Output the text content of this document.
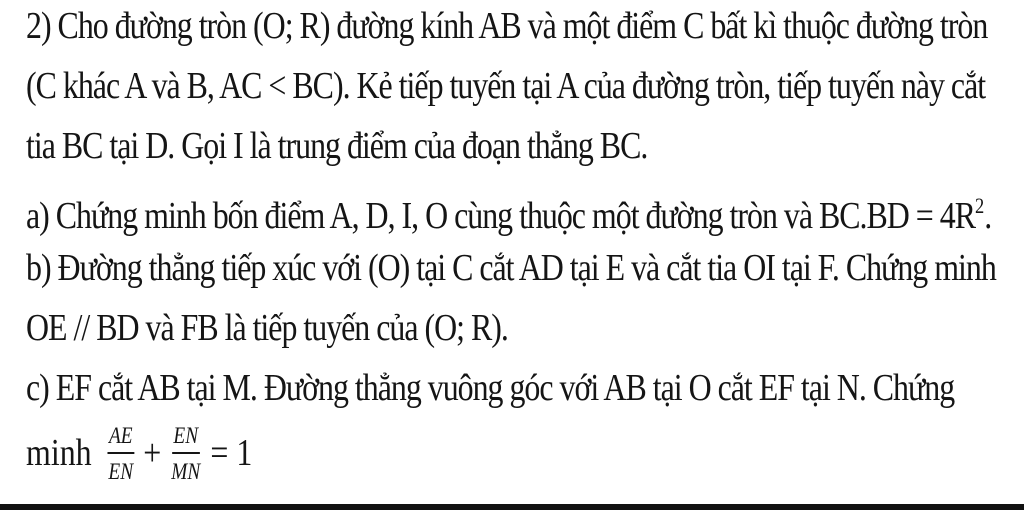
2) Cho đường tròn (O; R) đường kính AB và một điểm C bất kì thuộc đường tròn
(C khác A và B, AC < BC). Kẻ tiếp tuyến tại A của đường tròn, tiếp tuyến này cắt
tia BC tại D. Gọi I là trung điểm của đoạn thẳng BC.
a) Chứng minh bốn điểm A, D, I, O cùng thuộc một đường tròn và $BC.BD = 4R^2$.
b) Đường thẳng tiếp xúc với (O) tại C cắt AD tại E và cắt tia OI tại F. Chứng minh
OE // BD và FB là tiếp tuyến của (O; R).
c) EF cắt AB tại M. Đường thẳng vuông góc với AB tại O cắt EF tại N. Chứng
minh $\frac{AE}{EN} + \frac{EN}{MN} = 1$
